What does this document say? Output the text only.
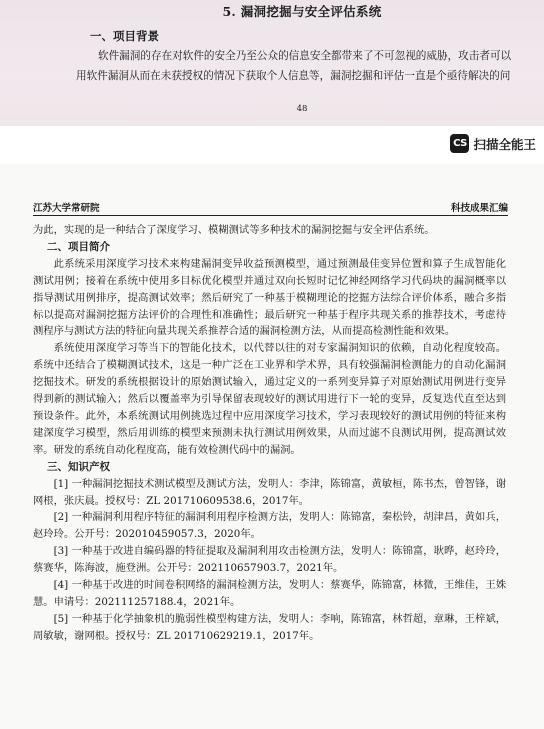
5. 漏洞挖掘与安全评估系统
一、项目背景
软件漏洞的存在对软件的安全乃至公众的信息安全都带来了不可忽视的威胁，攻击者可以
用软件漏洞从而在未获授权的情况下获取个人信息等，漏洞挖掘和评估一直是个亟待解决的问
48
CS 扫描全能王
江苏大学常研院	科技成果汇编

为此，实现的是一种结合了深度学习、模糊测试等多种技术的漏洞挖掘与安全评估系统。

二、项目简介

此系统采用深度学习技术来构建漏洞变异收益预测模型，通过预测最佳变异位置和算子生成智能化测试用例；接着在系统中使用多目标优化模型并通过双向长短时记忆神经网络学习代码块的漏洞概率以指导测试用例排序，提高测试效率；然后研究了一种基于模糊理论的挖掘方法综合评价体系，融合多指标以提高对漏洞挖掘方法评价的合理性和准确性；最后研究一种基于程序共现关系的推荐技术，考虑待测程序与测试方法的特征向量共现关系推荐合适的漏洞检测方法，从而提高检测性能和效果。

系统使用深度学习等当下的智能化技术，以代替以往的对专家漏洞知识的依赖，自动化程度较高。系统中还结合了模糊测试技术，这是一种广泛在工业界和学术界，具有较强漏洞检测能力的自动化漏洞挖掘技术。研发的系统根据设计的原始测试输入，通过定义的一系列变异算子对原始测试用例进行变异得到新的测试输入；然后以覆盖率为引导保留表现较好的测试用进行下一轮的变异，反复迭代直至达到预设条件。此外，本系统测试用例挑选过程中应用深度学习技术，学习表现较好的测试用例的特征来构建深度学习模型，然后用训练的模型来预测未执行测试用例效果，从而过滤不良测试用例，提高测试效率。研发的系统自动化程度高，能有效检测代码中的漏洞。

三、知识产权

[1] 一种漏洞挖掘技术测试模型及测试方法，发明人：李津，陈锦富，黄敏桓，陈书杰，曾智锋，谢网根，张庆晨。授权号：ZL 201710609538.6，2017年。

[2] 一种漏洞利用程序特征的漏洞利用程序检测方法，发明人：陈锦富，秦松铃，胡津昌，黄如兵，赵玲玲。公开号：202010459057.3，2020年。

[3] 一种基于改进自编码器的特征提取及漏洞利用攻击检测方法，发明人：陈锦富，耿晔，赵玲玲，蔡赛华，陈海波，施登洲。公开号：202110657903.7，2021年。

[4] 一种基于改进的时间卷积网络的漏洞检测方法，发明人：蔡赛华，陈锦富，林微，王维佳，王姝慧。申请号：202111257188.4，2021年。

[5] 一种基于化学抽象机的脆弱性模型构建方法，发明人：李响，陈锦富，林哲超，章琳，王梓斌，周敏敏，谢网根。授权号：ZL 201710629219.1，2017年。
